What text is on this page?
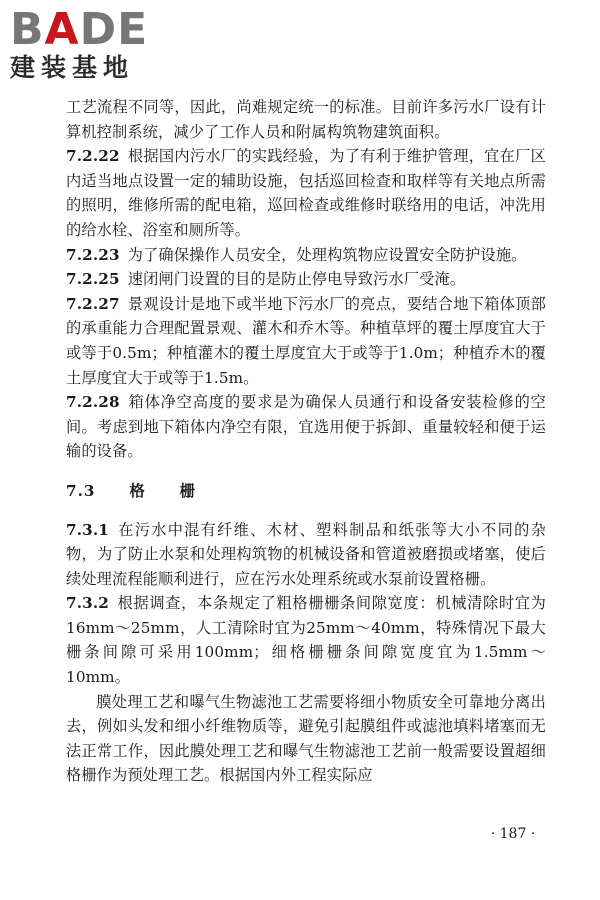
BADE
建装基地

工艺流程不同等，因此，尚难规定统一的标准。目前许多污水厂设有计算机控制系统，减少了工作人员和附属构筑物建筑面积。

7.2.22 根据国内污水厂的实践经验，为了有利于维护管理，宜在厂区内适当地点设置一定的辅助设施，包括巡回检查和取样等有关地点所需的照明，维修所需的配电箱，巡回检查或维修时联络用的电话，冲洗用的给水栓、浴室和厕所等。

7.2.23 为了确保操作人员安全，处理构筑物应设置安全防护设施。

7.2.25 速闭闸门设置的目的是防止停电导致污水厂受淹。

7.2.27 景观设计是地下或半地下污水厂的亮点，要结合地下箱体顶部的承重能力合理配置景观、灌木和乔木等。种植草坪的覆土厚度宜大于或等于0.5m；种植灌木的覆土厚度宜大于或等于1.0m；种植乔木的覆土厚度宜大于或等于1.5m。

7.2.28 箱体净空高度的要求是为确保人员通行和设备安装检修的空间。考虑到地下箱体内净空有限，宜选用便于拆卸、重量较轻和便于运输的设备。

7.3 格 栅

7.3.1 在污水中混有纤维、木材、塑料制品和纸张等大小不同的杂物，为了防止水泵和处理构筑物的机械设备和管道被磨损或堵塞，使后续处理流程能顺利进行，应在污水处理系统或水泵前设置格栅。

7.3.2 根据调查，本条规定了粗格栅栅条间隙宽度：机械清除时宜为16mm～25mm，人工清除时宜为25mm～40mm，特殊情况下最大栅条间隙可采用100mm；细格栅栅条间隙宽度宜为1.5mm～10mm。

膜处理工艺和曝气生物滤池工艺需要将细小物质安全可靠地分离出去，例如头发和细小纤维物质等，避免引起膜组件或滤池填料堵塞而无法正常工作，因此膜处理工艺和曝气生物滤池工艺前一般需要设置超细格栅作为预处理工艺。根据国内外工程实际应

· 187 ·
